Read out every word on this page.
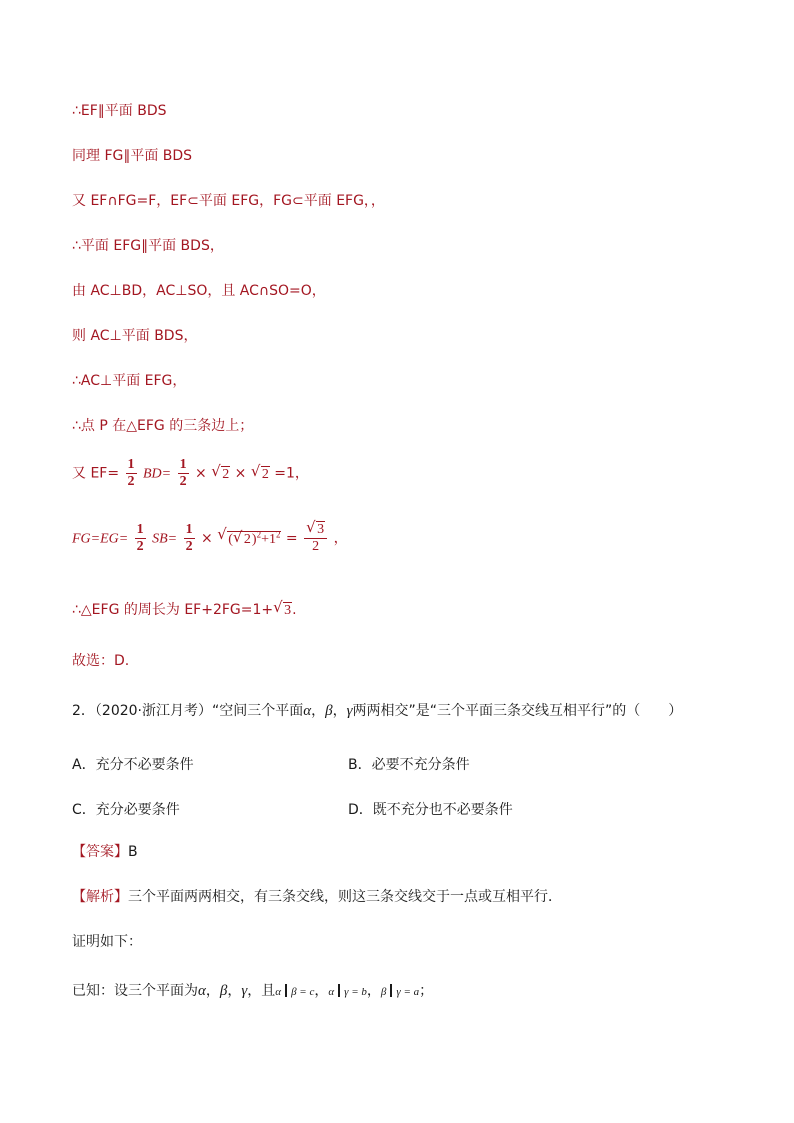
∴EF∥平面 BDS
同理 FG∥平面 BDS
又 EF∩FG=F，EF⊂平面 EFG，FG⊂平面 EFG，，
∴平面 EFG∥平面 BDS，
由 AC⊥BD，AC⊥SO，且 AC∩SO=O，
则 AC⊥平面 BDS，
∴AC⊥平面 EFG，
∴点 P 在△EFG 的三条边上；
又 $EF= \frac{1}{2} BD= \frac{1}{2}$ × √ 2 × √ 2 =1，
$FG=EG= \frac{1}{2} SB= \frac{1}{2}$ × √ ( √ $2)^2+1^2$ = √ $\frac{3}{2}$ ，
∴△EFG 的周长为 EF+2FG=1+ √ 3.
故选：D.
2．（2020·浙江月考）“空间三个平面α，β，γ两两相交”是“三个平面三条交线互相平行”的（　　）
A．充分不必要条件	B．必要不充分条件
C．充分必要条件	D．既不充分也不必要条件
【答案】B
【解析】三个平面两两相交，有三条交线，则这三条交线交于一点或互相平行．
证明如下：
已知：设三个平面为α，β，γ，且α β = c，α γ = b，β γ = a；
